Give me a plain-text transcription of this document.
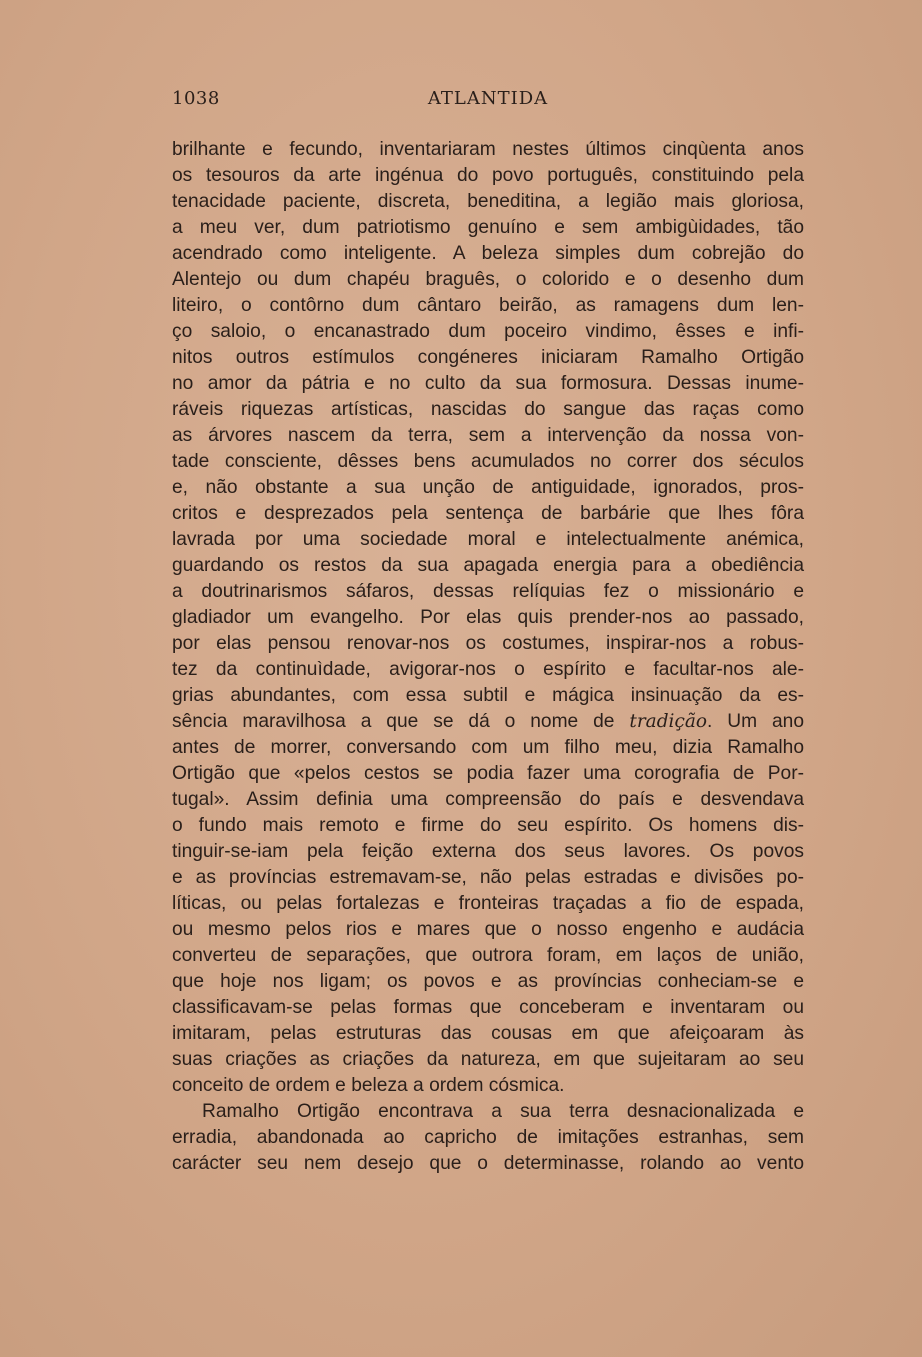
1038	ATLANTIDA
brilhante e fecundo, inventariaram nestes últimos cinqùenta anos
os tesouros da arte ingénua do povo português, constituindo pela
tenacidade paciente, discreta, beneditina, a legião mais gloriosa,
a meu ver, dum patriotismo genuíno e sem ambigùidades, tão
acendrado como inteligente. A beleza simples dum cobrejão do
Alentejo ou dum chapéu braguês, o colorido e o desenho dum
liteiro, o contôrno dum cântaro beirão, as ramagens dum len-
ço saloio, o encanastrado dum poceiro vindimo, êsses e infi-
nitos outros estímulos congéneres iniciaram Ramalho Ortigão
no amor da pátria e no culto da sua formosura. Dessas inume-
ráveis riquezas artísticas, nascidas do sangue das raças como
as árvores nascem da terra, sem a intervenção da nossa von-
tade consciente, dêsses bens acumulados no correr dos séculos
e, não obstante a sua unção de antiguidade, ignorados, pros-
critos e desprezados pela sentença de barbárie que lhes fôra
lavrada por uma sociedade moral e intelectualmente anémica,
guardando os restos da sua apagada energia para a obediência
a doutrinarismos sáfaros, dessas relíquias fez o missionário e
gladiador um evangelho. Por elas quis prender-nos ao passado,
por elas pensou renovar-nos os costumes, inspirar-nos a robus-
tez da continuìdade, avigorar-nos o espírito e facultar-nos ale-
grias abundantes, com essa subtil e mágica insinuação da es-
sência maravilhosa a que se dá o nome de tradição. Um ano
antes de morrer, conversando com um filho meu, dizia Ramalho
Ortigão que «pelos cestos se podia fazer uma corografia de Por-
tugal». Assim definia uma compreensão do país e desvendava
o fundo mais remoto e firme do seu espírito. Os homens dis-
tinguir-se-iam pela feição externa dos seus lavores. Os povos
e as províncias estremavam-se, não pelas estradas e divisões po-
líticas, ou pelas fortalezas e fronteiras traçadas a fio de espada,
ou mesmo pelos rios e mares que o nosso engenho e audácia
converteu de separações, que outrora foram, em laços de união,
que hoje nos ligam; os povos e as províncias conheciam-se e
classificavam-se pelas formas que conceberam e inventaram ou
imitaram, pelas estruturas das cousas em que afeiçoaram às
suas criações as criações da natureza, em que sujeitaram ao seu
conceito de ordem e beleza a ordem cósmica.
Ramalho Ortigão encontrava a sua terra desnacionalizada e
erradia, abandonada ao capricho de imitações estranhas, sem
carácter seu nem desejo que o determinasse, rolando ao vento
